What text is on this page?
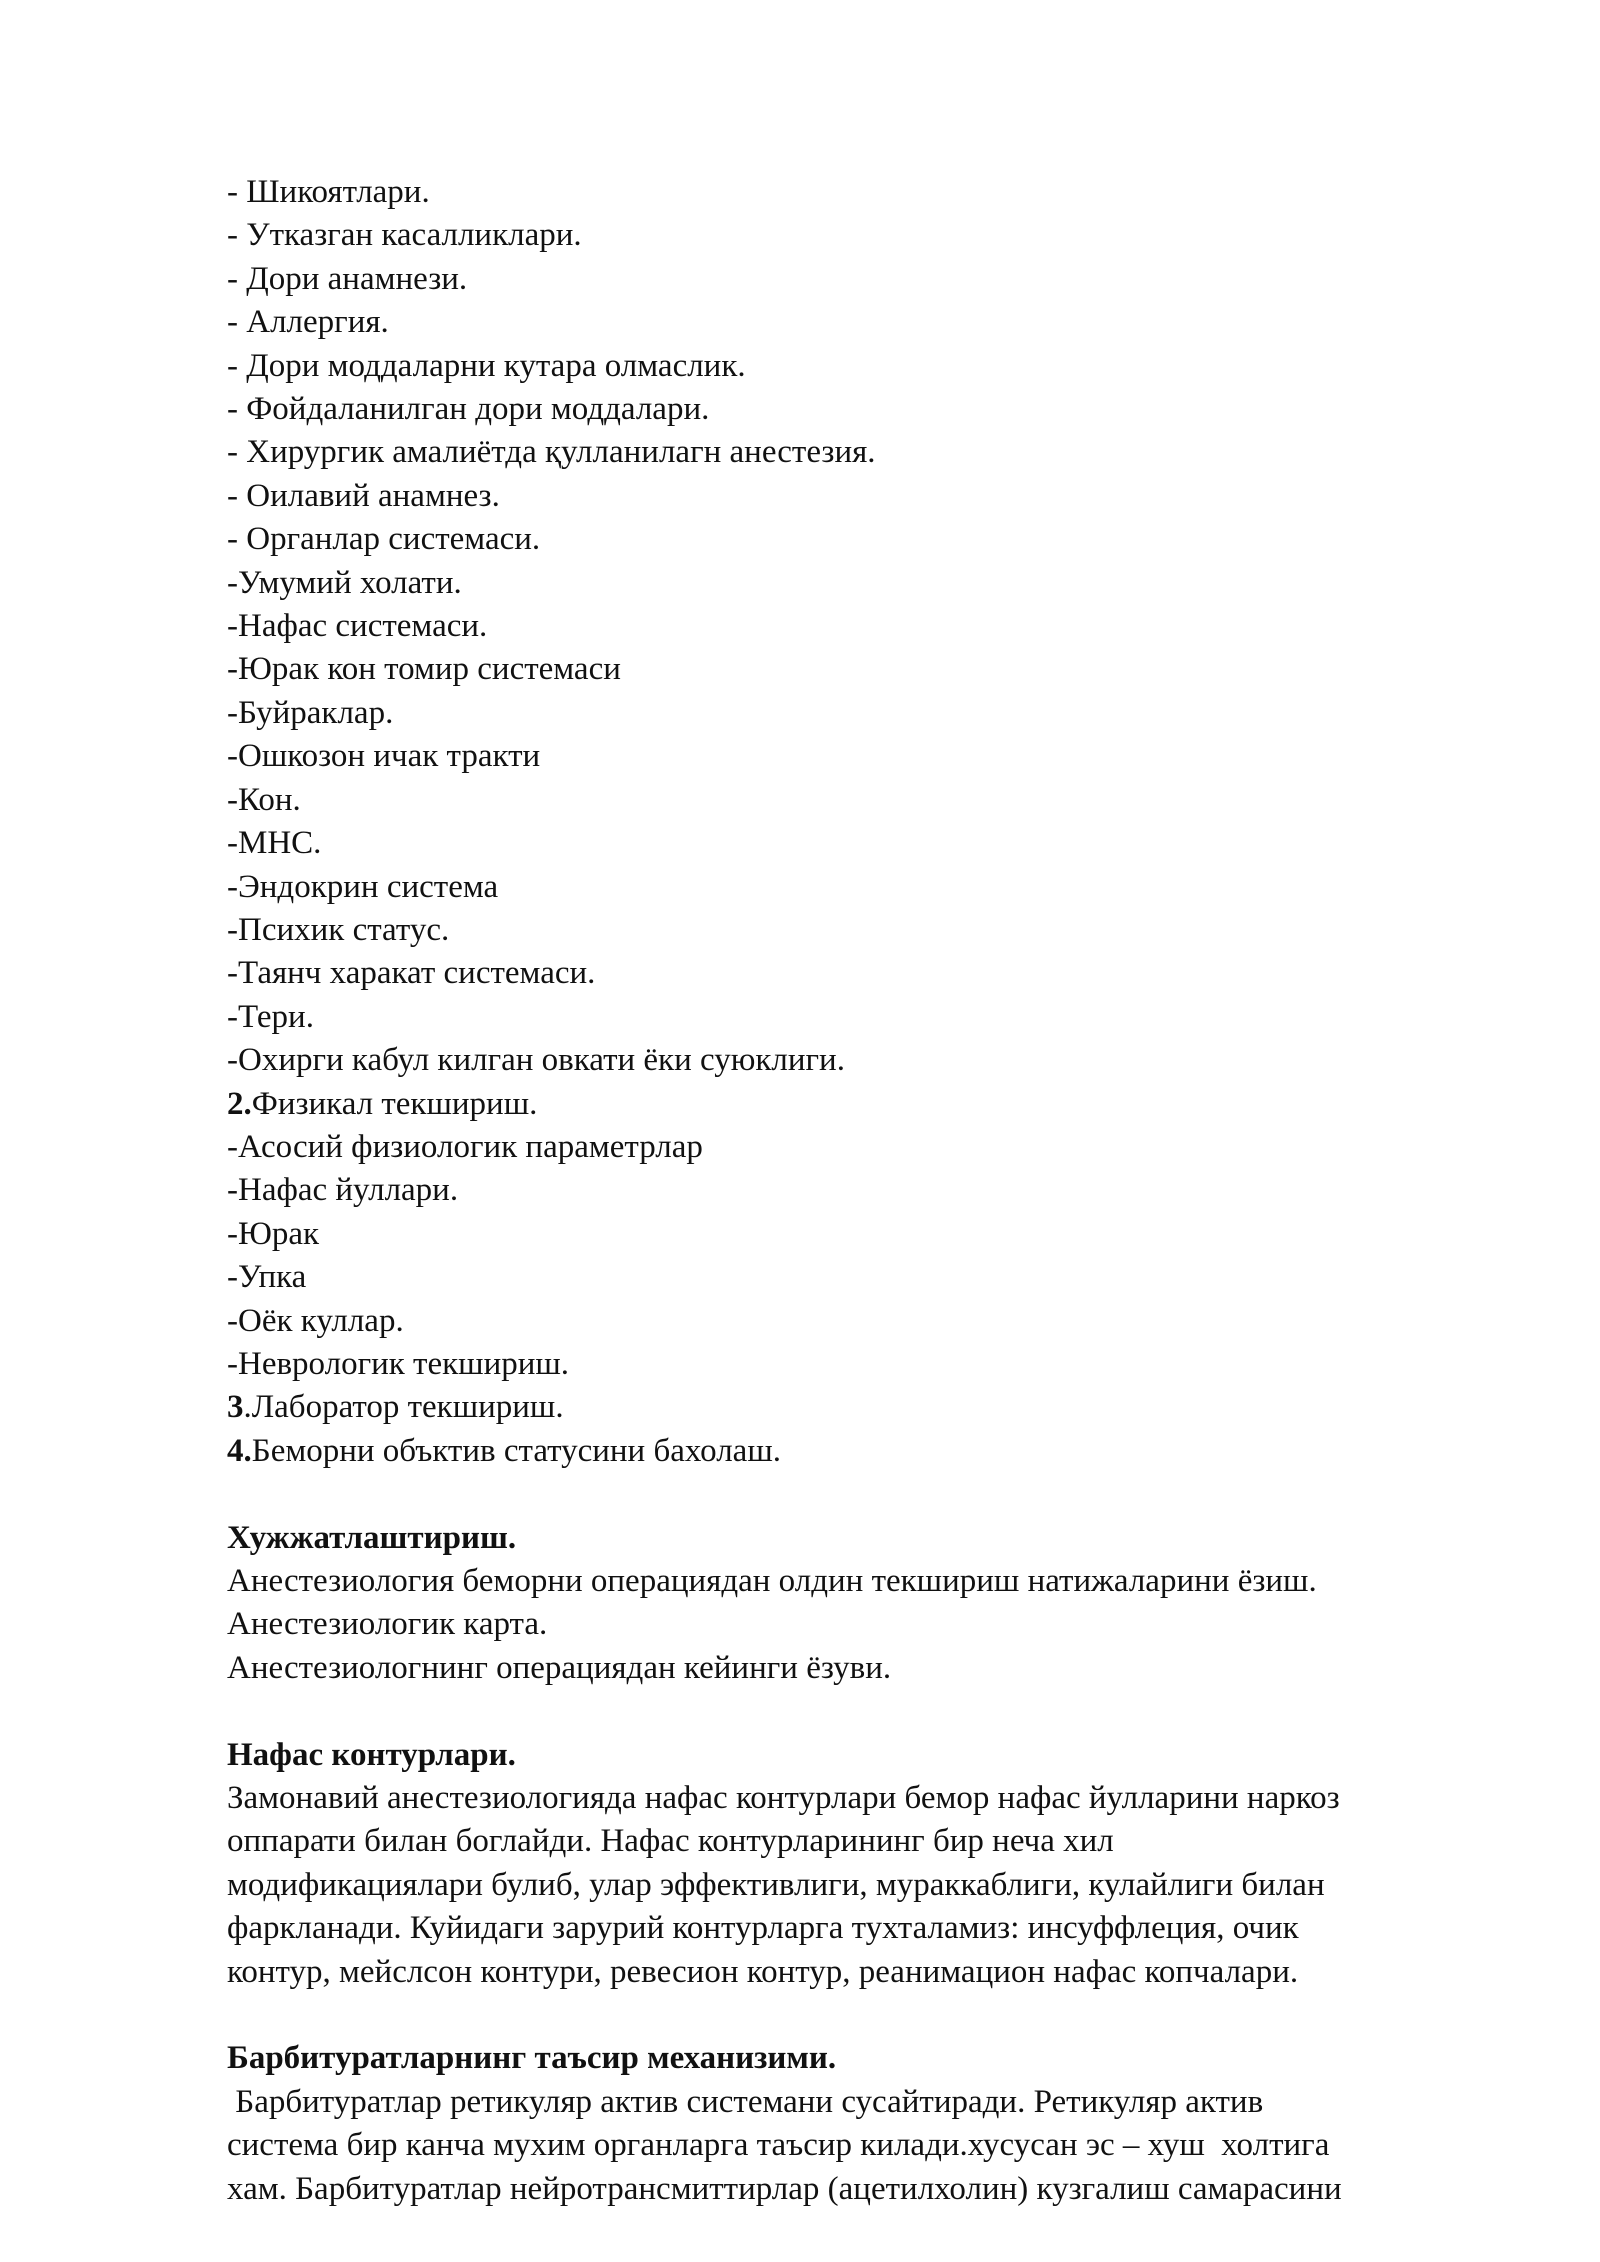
- Шикоятлари.

- Утказган касалликлари.

- Дори анамнези.

- Аллергия.

- Дори моддаларни кутара олмаслик.

- Фойдаланилган дори моддалари.

- Хирургик амалиётда қулланилагн анестезия.

- Оилавий анамнез.

- Органлар системаси.

-Умумий холати.

-Нафас системаси.

-Юрак кон томир системаси

-Буйраклар.

-Ошкозон ичак тракти

-Кон.

-МНС.

-Эндокрин система

-Психик статус.

-Таянч харакат системаси.

-Тери.

-Охирги кабул килган овкати ёки суюклиги.

2.Физикал текшириш.

-Асосий физиологик параметрлар

-Нафас йуллари.

-Юрак

-Упка

-Оёк куллар.

-Неврологик текшириш.

3.Лаборатор текшириш.

4.Беморни объктив статусини бахолаш.

Хужжатлаштириш.

Анестезиология беморни операциядан олдин текшириш натижаларини ёзиш.

Анестезиологик карта.

Анестезиологнинг операциядан кейинги ёзуви.

Нафас контурлари.

Замонавий анестезиологияда нафас контурлари бемор нафас йулларини наркоз

оппарати билан боглайди. Нафас контурларининг бир неча хил

модификациялари булиб, улар эффективлиги, мураккаблиги, кулайлиги билан

фаркланади. Куйидаги зарурий контурларга тухталамиз: инсуффлеция, очик

контур, мейслсон контури, ревесион контур, реанимацион нафас копчалари.

Барбитуратларнинг таъсир механизими.

Барбитуратлар ретикуляр актив системани сусайтиради. Ретикуляр актив

система бир канча мухим органларга таъсир килади.хусусан эс – хуш  холтига

хам. Барбитуратлар нейротрансмиттирлар (ацетилхолин) кузгалиш самарасини
